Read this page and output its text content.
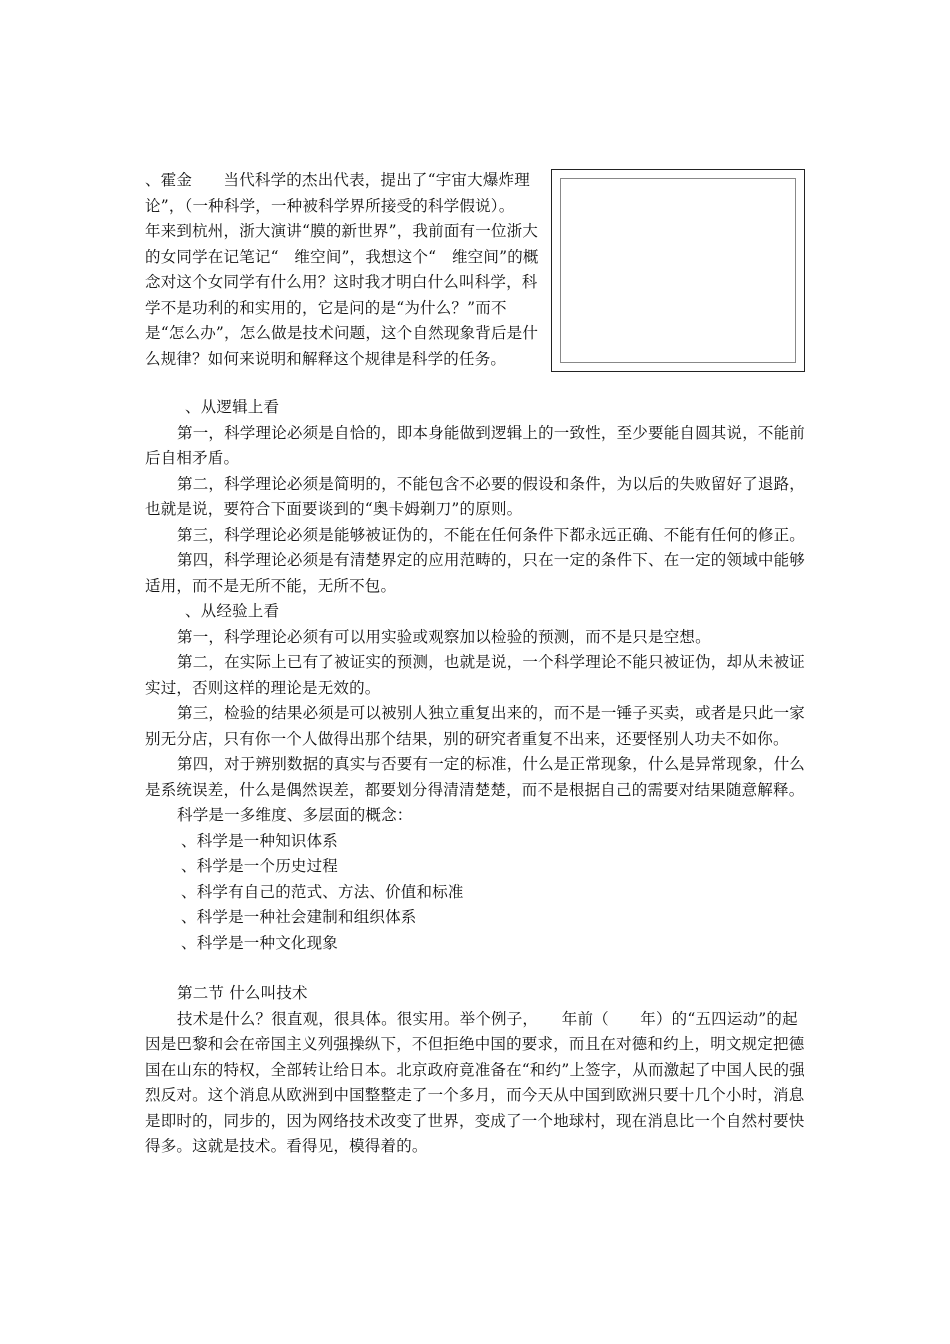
、霍金　　当代科学的杰出代表，提出了“宇宙大爆炸理论”，（一种科学，一种被科学界所接受的科学假说）。　　年来到杭州，浙大演讲“膜的新世界”，我前面有一位浙大的女同学在记笔记“　维空间”，我想这个“　维空间”的概念对这个女同学有什么用？这时我才明白什么叫科学，科学不是功利的和实用的，它是问的是“为什么？”而不是“怎么办”，怎么做是技术问题，这个自然现象背后是什么规律？如何来说明和解释这个规律是科学的任务。

、从逻辑上看

第一，科学理论必须是自恰的，即本身能做到逻辑上的一致性，至少要能自圆其说，不能前后自相矛盾。

第二，科学理论必须是简明的，不能包含不必要的假设和条件，为以后的失败留好了退路，也就是说，要符合下面要谈到的“奥卡姆剃刀”的原则。

第三，科学理论必须是能够被证伪的，不能在任何条件下都永远正确、不能有任何的修正。

第四，科学理论必须是有清楚界定的应用范畴的，只在一定的条件下、在一定的领域中能够适用，而不是无所不能，无所不包。

、从经验上看

第一，科学理论必须有可以用实验或观察加以检验的预测，而不是只是空想。

第二，在实际上已有了被证实的预测，也就是说，一个科学理论不能只被证伪，却从未被证实过，否则这样的理论是无效的。

第三，检验的结果必须是可以被别人独立重复出来的，而不是一锤子买卖，或者是只此一家别无分店，只有你一个人做得出那个结果，别的研究者重复不出来，还要怪别人功夫不如你。

第四，对于辨别数据的真实与否要有一定的标准，什么是正常现象，什么是异常现象，什么是系统误差，什么是偶然误差，都要划分得清清楚楚，而不是根据自己的需要对结果随意解释。

科学是一多维度、多层面的概念：

、科学是一种知识体系

、科学是一个历史过程

、科学有自己的范式、方法、价值和标准

、科学是一种社会建制和组织体系

、科学是一种文化现象

第二节 什么叫技术

技术是什么？很直观，很具体。很实用。举个例子，　　年前（　　年）的“五四运动”的起因是巴黎和会在帝国主义列强操纵下，不但拒绝中国的要求，而且在对德和约上，明文规定把德国在山东的特权，全部转让给日本。北京政府竟准备在“和约”上签字，从而激起了中国人民的强烈反对。这个消息从欧洲到中国整整走了一个多月，而今天从中国到欧洲只要十几个小时，消息是即时的，同步的，因为网络技术改变了世界，变成了一个地球村，现在消息比一个自然村要快得多。这就是技术。看得见，模得着的。
